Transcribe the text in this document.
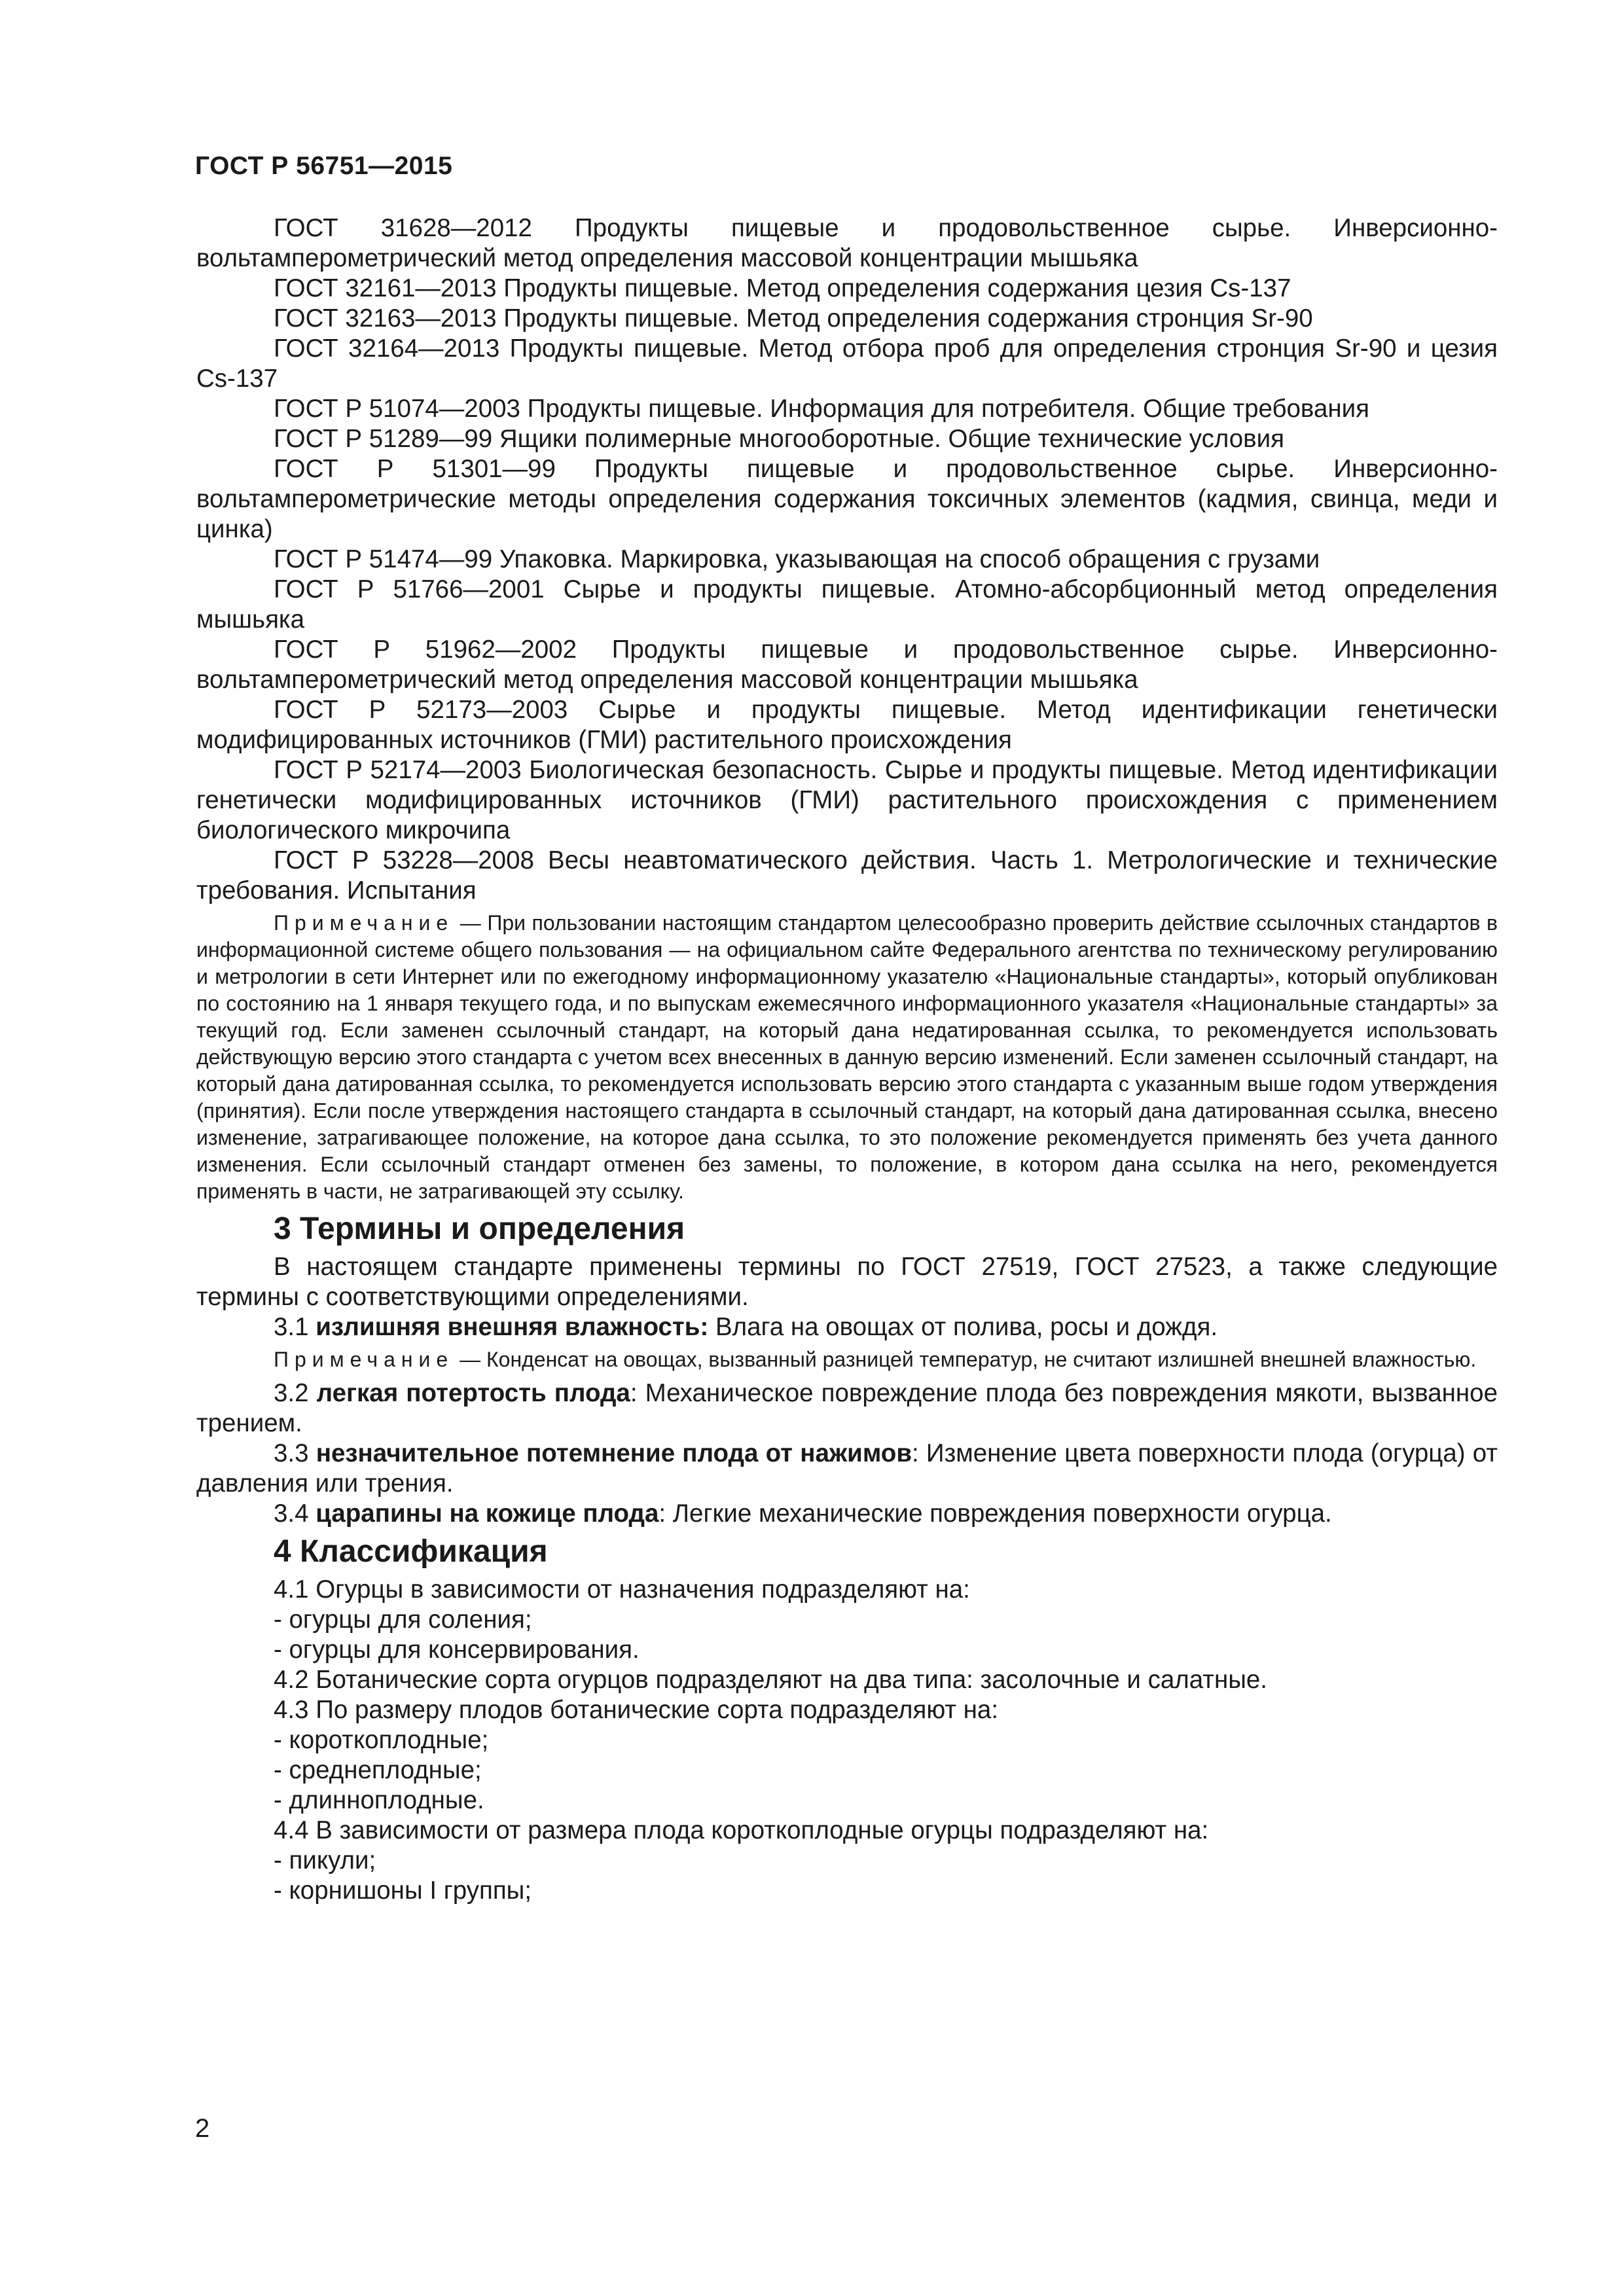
ГОСТ Р 56751—2015

ГОСТ 31628—2012 Продукты пищевые и продовольственное сырье. Инверсионно-вольтамперометрический метод определения массовой концентрации мышьяка

ГОСТ 32161—2013 Продукты пищевые. Метод определения содержания цезия Cs-137

ГОСТ 32163—2013 Продукты пищевые. Метод определения содержания стронция Sr-90

ГОСТ 32164—2013 Продукты пищевые. Метод отбора проб для определения стронция Sr-90 и цезия Cs-137

ГОСТ Р 51074—2003 Продукты пищевые. Информация для потребителя. Общие требования

ГОСТ Р 51289—99 Ящики полимерные многооборотные. Общие технические условия

ГОСТ Р 51301—99 Продукты пищевые и продовольственное сырье. Инверсионно-вольтамперометрические методы определения содержания токсичных элементов (кадмия, свинца, меди и цинка)

ГОСТ Р 51474—99 Упаковка. Маркировка, указывающая на способ обращения с грузами

ГОСТ Р 51766—2001 Сырье и продукты пищевые. Атомно-абсорбционный метод определения мышьяка

ГОСТ Р 51962—2002 Продукты пищевые и продовольственное сырье. Инверсионно-вольтамперометрический метод определения массовой концентрации мышьяка

ГОСТ Р 52173—2003 Сырье и продукты пищевые. Метод идентификации генетически модифицированных источников (ГМИ) растительного происхождения

ГОСТ Р 52174—2003 Биологическая безопасность. Сырье и продукты пищевые. Метод идентификации генетически модифицированных источников (ГМИ) растительного происхождения с применением биологического микрочипа

ГОСТ Р 53228—2008 Весы неавтоматического действия. Часть 1. Метрологические и технические требования. Испытания

Примечание — При пользовании настоящим стандартом целесообразно проверить действие ссылочных стандартов в информационной системе общего пользования — на официальном сайте Федерального агентства по техническому регулированию и метрологии в сети Интернет или по ежегодному информационному указателю «Национальные стандарты», который опубликован по состоянию на 1 января текущего года, и по выпускам ежемесячного информационного указателя «Национальные стандарты» за текущий год. Если заменен ссылочный стандарт, на который дана недатированная ссылка, то рекомендуется использовать действующую версию этого стандарта с учетом всех внесенных в данную версию изменений. Если заменен ссылочный стандарт, на который дана датированная ссылка, то рекомендуется использовать версию этого стандарта с указанным выше годом утверждения (принятия). Если после утверждения настоящего стандарта в ссылочный стандарт, на который дана датированная ссылка, внесено изменение, затрагивающее положение, на которое дана ссылка, то это положение рекомендуется применять без учета данного изменения. Если ссылочный стандарт отменен без замены, то положение, в котором дана ссылка на него, рекомендуется применять в части, не затрагивающей эту ссылку.

3 Термины и определения

В настоящем стандарте применены термины по ГОСТ 27519, ГОСТ 27523, а также следующие термины с соответствующими определениями.

3.1 излишняя внешняя влажность: Влага на овощах от полива, росы и дождя.

Примечание — Конденсат на овощах, вызванный разницей температур, не считают излишней внешней влажностью.

3.2 легкая потертость плода: Механическое повреждение плода без повреждения мякоти, вызванное трением.

3.3 незначительное потемнение плода от нажимов: Изменение цвета поверхности плода (огурца) от давления или трения.

3.4 царапины на кожице плода: Легкие механические повреждения поверхности огурца.

4 Классификация

4.1 Огурцы в зависимости от назначения подразделяют на:

- огурцы для соления;

- огурцы для консервирования.

4.2 Ботанические сорта огурцов подразделяют на два типа: засолочные и салатные.

4.3 По размеру плодов ботанические сорта подразделяют на:

- короткоплодные;

- среднеплодные;

- длинноплодные.

4.4 В зависимости от размера плода короткоплодные огурцы подразделяют на:

- пикули;

- корнишоны I группы;

2
